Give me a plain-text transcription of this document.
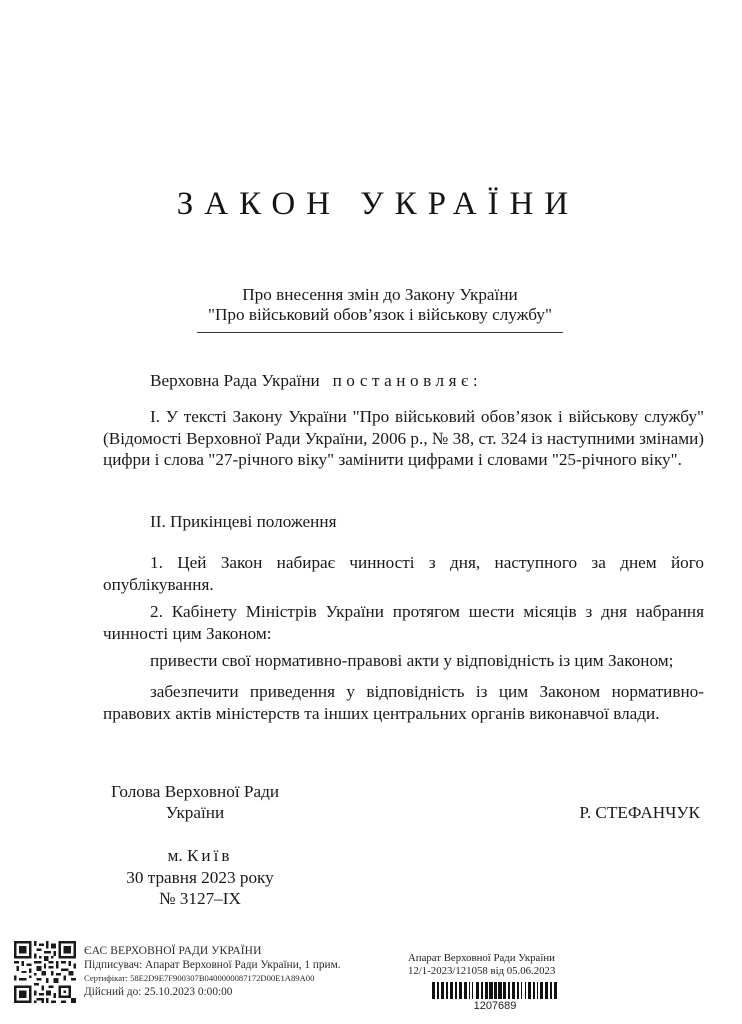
ЗАКОН УКРАЇНИ
Про внесення змін до Закону України
"Про військовий обов’язок і військову службу"
Верховна Рада України постановляє:
І. У тексті Закону України "Про військовий обов’язок і військову службу" (Відомості Верховної Ради України, 2006 р., № 38, ст. 324 із наступними змінами) цифри і слова "27-річного віку" замінити цифрами і словами "25-річного віку".
ІІ. Прикінцеві положення
1. Цей Закон набирає чинності з дня, наступного за днем його опублікування.
2. Кабінету Міністрів України протягом шести місяців з дня набрання чинності цим Законом:
привести свої нормативно-правові акти у відповідність із цим Законом;
забезпечити приведення у відповідність із цим Законом нормативно-правових актів міністерств та інших центральних органів виконавчої влади.
Голова Верховної Ради
України	Р. СТЕФАНЧУК
м. Київ
30 травня 2023 року
№ 3127–IX
ЄАС ВЕРХОВНОЇ РАДИ УКРАЇНИ
Підписувач: Апарат Верховної Ради України, 1 прим.
Сертифікат: 58E2D9E7F900307B0400000087172D00E1A89A00
Дійсний до: 25.10.2023 0:00:00
Апарат Верховної Ради України
12/1-2023/121058 від 05.06.2023
1207689
